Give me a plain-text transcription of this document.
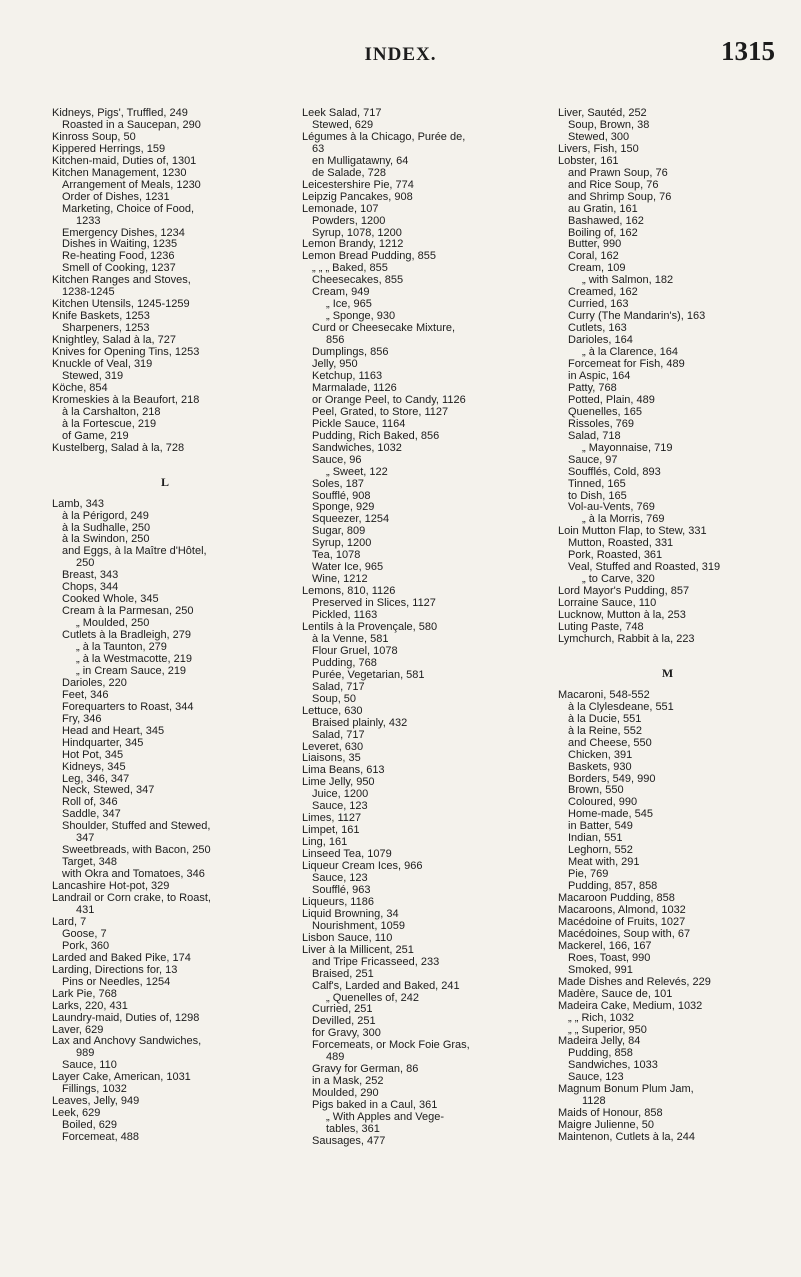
INDEX.	1315
Kidneys, Pigs', Truffled, 249
Roasted in a Saucepan, 290
Kinross Soup, 50
Kippered Herrings, 159
Kitchen-maid, Duties of, 1301
Kitchen Management, 1230
Arrangement of Meals, 1230
Order of Dishes, 1231
Marketing, Choice of Food,
1233
Emergency Dishes, 1234
Dishes in Waiting, 1235
Re-heating Food, 1236
Smell of Cooking, 1237
Kitchen Ranges and Stoves,
1238-1245
Kitchen Utensils, 1245-1259
Knife Baskets, 1253
Sharpeners, 1253
Knightley, Salad à la, 727
Knives for Opening Tins, 1253
Knuckle of Veal, 319
Stewed, 319
Köche, 854
Kromeskies à la Beaufort, 218
à la Carshalton, 218
à la Fortescue, 219
of Game, 219
Kustelberg, Salad à la, 728
L
Lamb, 343
à la Périgord, 249
à la Sudhalle, 250
à la Swindon, 250
and Eggs, à la Maître d'Hôtel,
250
Breast, 343
Chops, 344
Cooked Whole, 345
Cream à la Parmesan, 250
„ Moulded, 250
Cutlets à la Bradleigh, 279
„ à la Taunton, 279
„ à la Westmacotte, 219
„ in Cream Sauce, 219
Darioles, 220
Feet, 346
Forequarters to Roast, 344
Fry, 346
Head and Heart, 345
Hindquarter, 345
Hot Pot, 345
Kidneys, 345
Leg, 346, 347
Neck, Stewed, 347
Roll of, 346
Saddle, 347
Shoulder, Stuffed and Stewed,
347
Sweetbreads, with Bacon, 250
Target, 348
with Okra and Tomatoes, 346
Lancashire Hot-pot, 329
Landrail or Corn crake, to Roast,
431
Lard, 7
Goose, 7
Pork, 360
Larded and Baked Pike, 174
Larding, Directions for, 13
Pins or Needles, 1254
Lark Pie, 768
Larks, 220, 431
Laundry-maid, Duties of, 1298
Laver, 629
Lax and Anchovy Sandwiches,
989
Sauce, 110
Layer Cake, American, 1031
Fillings, 1032
Leaves, Jelly, 949
Leek, 629
Boiled, 629
Forcemeat, 488
Leek Salad, 717
Stewed, 629
Légumes à la Chicago, Purée de,
63
en Mulligatawny, 64
de Salade, 728
Leicestershire Pie, 774
Leipzig Pancakes, 908
Lemonade, 107
Powders, 1200
Syrup, 1078, 1200
Lemon Brandy, 1212
Lemon Bread Pudding, 855
„ „ „ Baked, 855
Cheesecakes, 855
Cream, 949
„ Ice, 965
„ Sponge, 930
Curd or Cheesecake Mixture,
856
Dumplings, 856
Jelly, 950
Ketchup, 1163
Marmalade, 1126
or Orange Peel, to Candy, 1126
Peel, Grated, to Store, 1127
Pickle Sauce, 1164
Pudding, Rich Baked, 856
Sandwiches, 1032
Sauce, 96
„ Sweet, 122
Soles, 187
Soufflé, 908
Sponge, 929
Squeezer, 1254
Sugar, 809
Syrup, 1200
Tea, 1078
Water Ice, 965
Wine, 1212
Lemons, 810, 1126
Preserved in Slices, 1127
Pickled, 1163
Lentils à la Provençale, 580
à la Venne, 581
Flour Gruel, 1078
Pudding, 768
Purée, Vegetarian, 581
Salad, 717
Soup, 50
Lettuce, 630
Braised plainly, 432
Salad, 717
Leveret, 630
Liaisons, 35
Lima Beans, 613
Lime Jelly, 950
Juice, 1200
Sauce, 123
Limes, 1127
Limpet, 161
Ling, 161
Linseed Tea, 1079
Liqueur Cream Ices, 966
Sauce, 123
Soufflé, 963
Liqueurs, 1186
Liquid Browning, 34
Nourishment, 1059
Lisbon Sauce, 110
Liver à la Millicent, 251
and Tripe Fricasseed, 233
Braised, 251
Calf's, Larded and Baked, 241
„ Quenelles of, 242
Curried, 251
Devilled, 251
for Gravy, 300
Forcemeats, or Mock Foie Gras,
489
Gravy for German, 86
in a Mask, 252
Moulded, 290
Pigs baked in a Caul, 361
„ With Apples and Vege-
tables, 361
Sausages, 477
Liver, Sautéd, 252
Soup, Brown, 38
Stewed, 300
Livers, Fish, 150
Lobster, 161
and Prawn Soup, 76
and Rice Soup, 76
and Shrimp Soup, 76
au Gratin, 161
Bashawed, 162
Boiling of, 162
Butter, 990
Coral, 162
Cream, 109
„ with Salmon, 182
Creamed, 162
Curried, 163
Curry (The Mandarin's), 163
Cutlets, 163
Darioles, 164
„ à la Clarence, 164
Forcemeat for Fish, 489
in Aspic, 164
Patty, 768
Potted, Plain, 489
Quenelles, 165
Rissoles, 769
Salad, 718
„ Mayonnaise, 719
Sauce, 97
Soufflés, Cold, 893
Tinned, 165
to Dish, 165
Vol-au-Vents, 769
„ à la Morris, 769
Loin Mutton Flap, to Stew, 331
Mutton, Roasted, 331
Pork, Roasted, 361
Veal, Stuffed and Roasted, 319
„ to Carve, 320
Lord Mayor's Pudding, 857
Lorraine Sauce, 110
Lucknow, Mutton à la, 253
Luting Paste, 748
Lymchurch, Rabbit à la, 223
M
Macaroni, 548-552
à la Clylesdeane, 551
à la Ducie, 551
à la Reine, 552
and Cheese, 550
Chicken, 391
Baskets, 930
Borders, 549, 990
Brown, 550
Coloured, 990
Home-made, 545
in Batter, 549
Indian, 551
Leghorn, 552
Meat with, 291
Pie, 769
Pudding, 857, 858
Macaroon Pudding, 858
Macaroons, Almond, 1032
Macédoine of Fruits, 1027
Macédoines, Soup with, 67
Mackerel, 166, 167
Roes, Toast, 990
Smoked, 991
Made Dishes and Relevés, 229
Madère, Sauce de, 101
Madeira Cake, Medium, 1032
„ „ Rich, 1032
„ „ Superior, 950
Madeira Jelly, 84
Pudding, 858
Sandwiches, 1033
Sauce, 123
Magnum Bonum Plum Jam,
1128
Maids of Honour, 858
Maigre Julienne, 50
Maintenon, Cutlets à la, 244
